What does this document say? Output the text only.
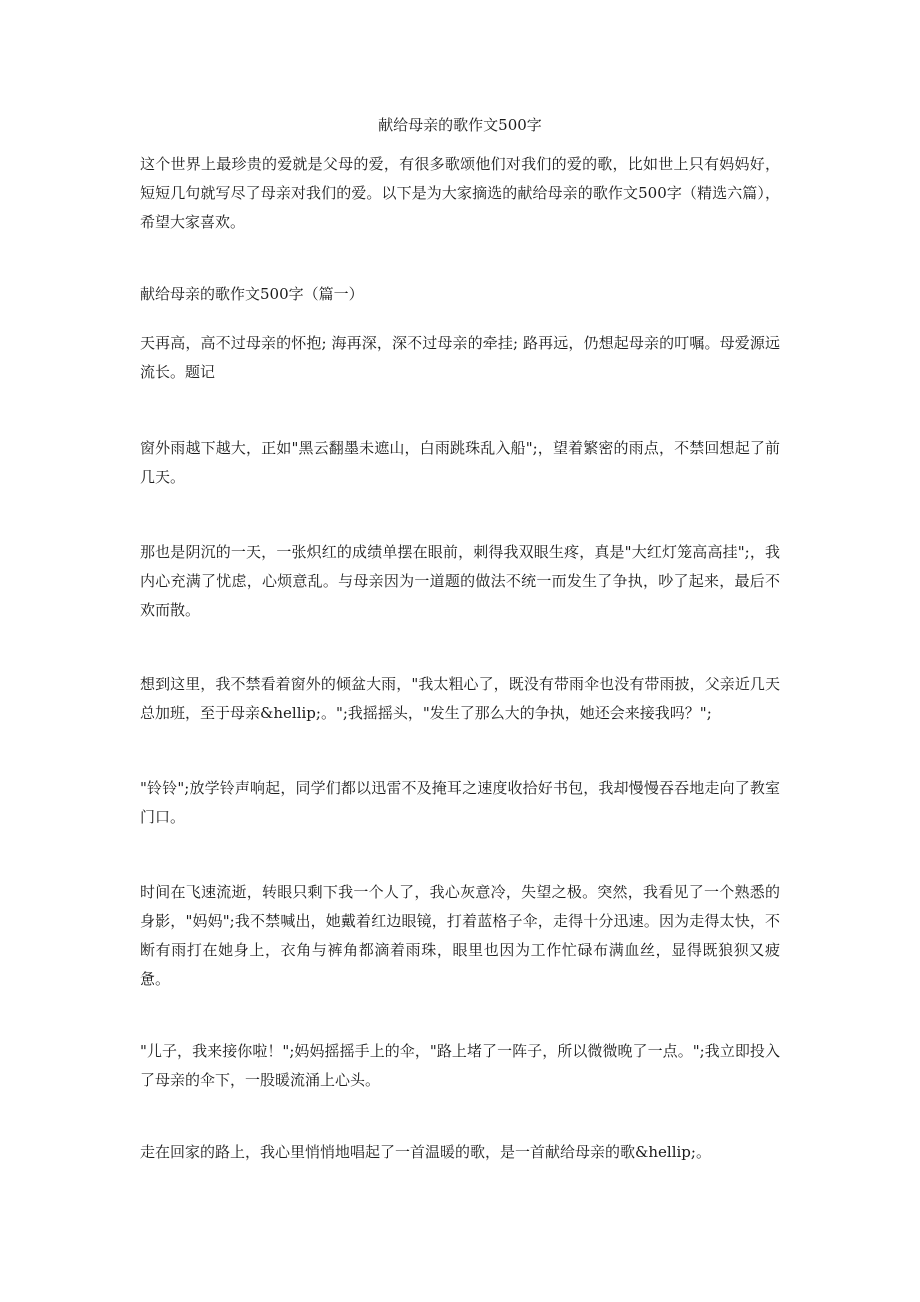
献给母亲的歌作文500字

这个世界上最珍贵的爱就是父母的爱，有很多歌颂他们对我们的爱的歌，比如世上只有妈妈好，短短几句就写尽了母亲对我们的爱。以下是为大家摘选的献给母亲的歌作文500字（精选六篇），希望大家喜欢。

献给母亲的歌作文500字（篇一）

天再高，高不过母亲的怀抱; 海再深，深不过母亲的牵挂; 路再远，仍想起母亲的叮嘱。母爱源远流长。题记

窗外雨越下越大，正如"黑云翻墨未遮山，白雨跳珠乱入船";，望着繁密的雨点，不禁回想起了前几天。

那也是阴沉的一天，一张炽红的成绩单摆在眼前，刺得我双眼生疼，真是"大红灯笼高高挂";，我内心充满了忧虑，心烦意乱。与母亲因为一道题的做法不统一而发生了争执，吵了起来，最后不欢而散。

想到这里，我不禁看着窗外的倾盆大雨，"我太粗心了，既没有带雨伞也没有带雨披，父亲近几天总加班，至于母亲&hellip;。";我摇摇头，"发生了那么大的争执，她还会来接我吗？";

"铃铃";放学铃声响起，同学们都以迅雷不及掩耳之速度收拾好书包，我却慢慢吞吞地走向了教室门口。

时间在飞速流逝，转眼只剩下我一个人了，我心灰意冷，失望之极。突然，我看见了一个熟悉的身影，"妈妈";我不禁喊出，她戴着红边眼镜，打着蓝格子伞，走得十分迅速。因为走得太快，不断有雨打在她身上，衣角与裤角都滴着雨珠，眼里也因为工作忙碌布满血丝，显得既狼狈又疲惫。

"儿子，我来接你啦！";妈妈摇摇手上的伞，"路上堵了一阵子，所以微微晚了一点。";我立即投入了母亲的伞下，一股暖流涌上心头。

走在回家的路上，我心里悄悄地唱起了一首温暖的歌，是一首献给母亲的歌&hellip;。
